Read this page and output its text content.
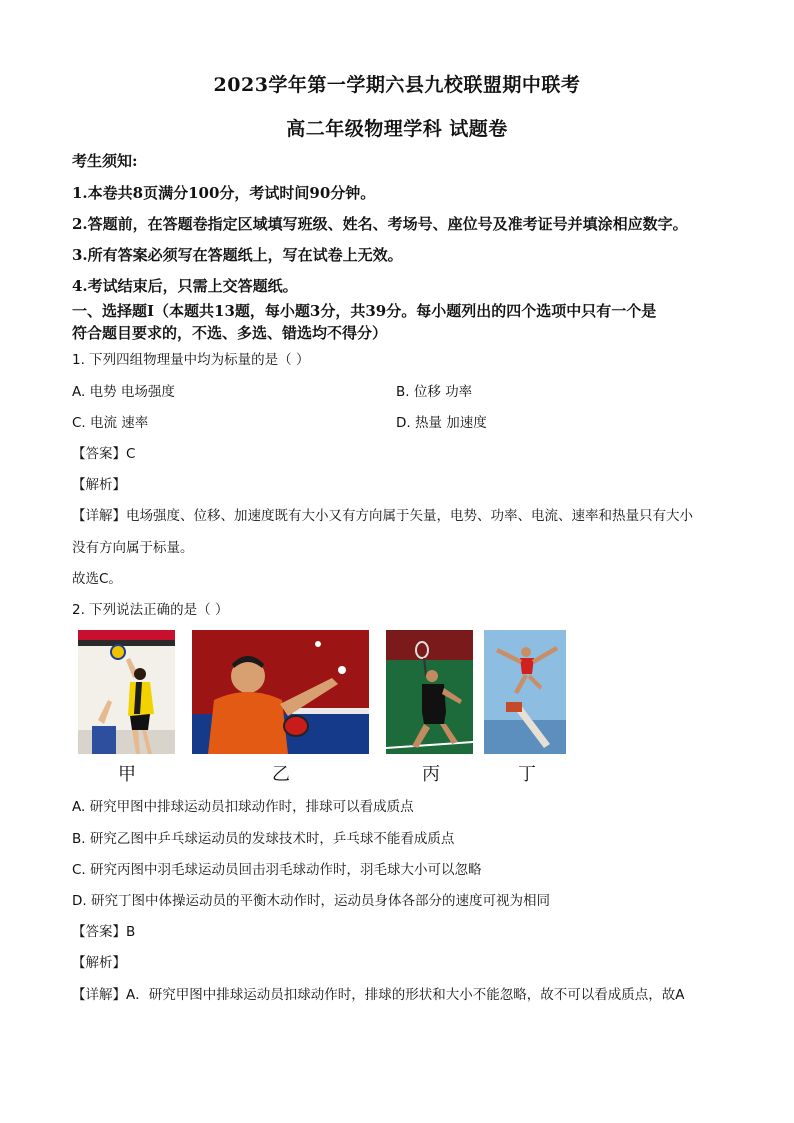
2023学年第一学期六县九校联盟期中联考
高二年级物理学科 试题卷
考生须知:
1.本卷共8页满分100分，考试时间90分钟。
2.答题前，在答题卷指定区域填写班级、姓名、考场号、座位号及准考证号并填涂相应数字。
3.所有答案必须写在答题纸上，写在试卷上无效。
4.考试结束后，只需上交答题纸。
一、选择题Ⅰ（本题共13题，每小题3分，共39分。每小题列出的四个选项中只有一个是
符合题目要求的，不选、多选、错选均不得分）
1. 下列四组物理量中均为标量的是（ ）
A. 电势 电场强度	B. 位移 功率
C. 电流 速率	D. 热量 加速度
【答案】C
【解析】
【详解】电场强度、位移、加速度既有大小又有方向属于矢量，电势、功率、电流、速率和热量只有大小
没有方向属于标量。
故选C。
2. 下列说法正确的是（ ）
甲	乙	丙	丁
A. 研究甲图中排球运动员扣球动作时，排球可以看成质点
B. 研究乙图中乒乓球运动员的发球技术时，乒乓球不能看成质点
C. 研究丙图中羽毛球运动员回击羽毛球动作时，羽毛球大小可以忽略
D. 研究丁图中体操运动员的平衡木动作时，运动员身体各部分的速度可视为相同
【答案】B
【解析】
【详解】A．研究甲图中排球运动员扣球动作时，排球的形状和大小不能忽略，故不可以看成质点，故A
